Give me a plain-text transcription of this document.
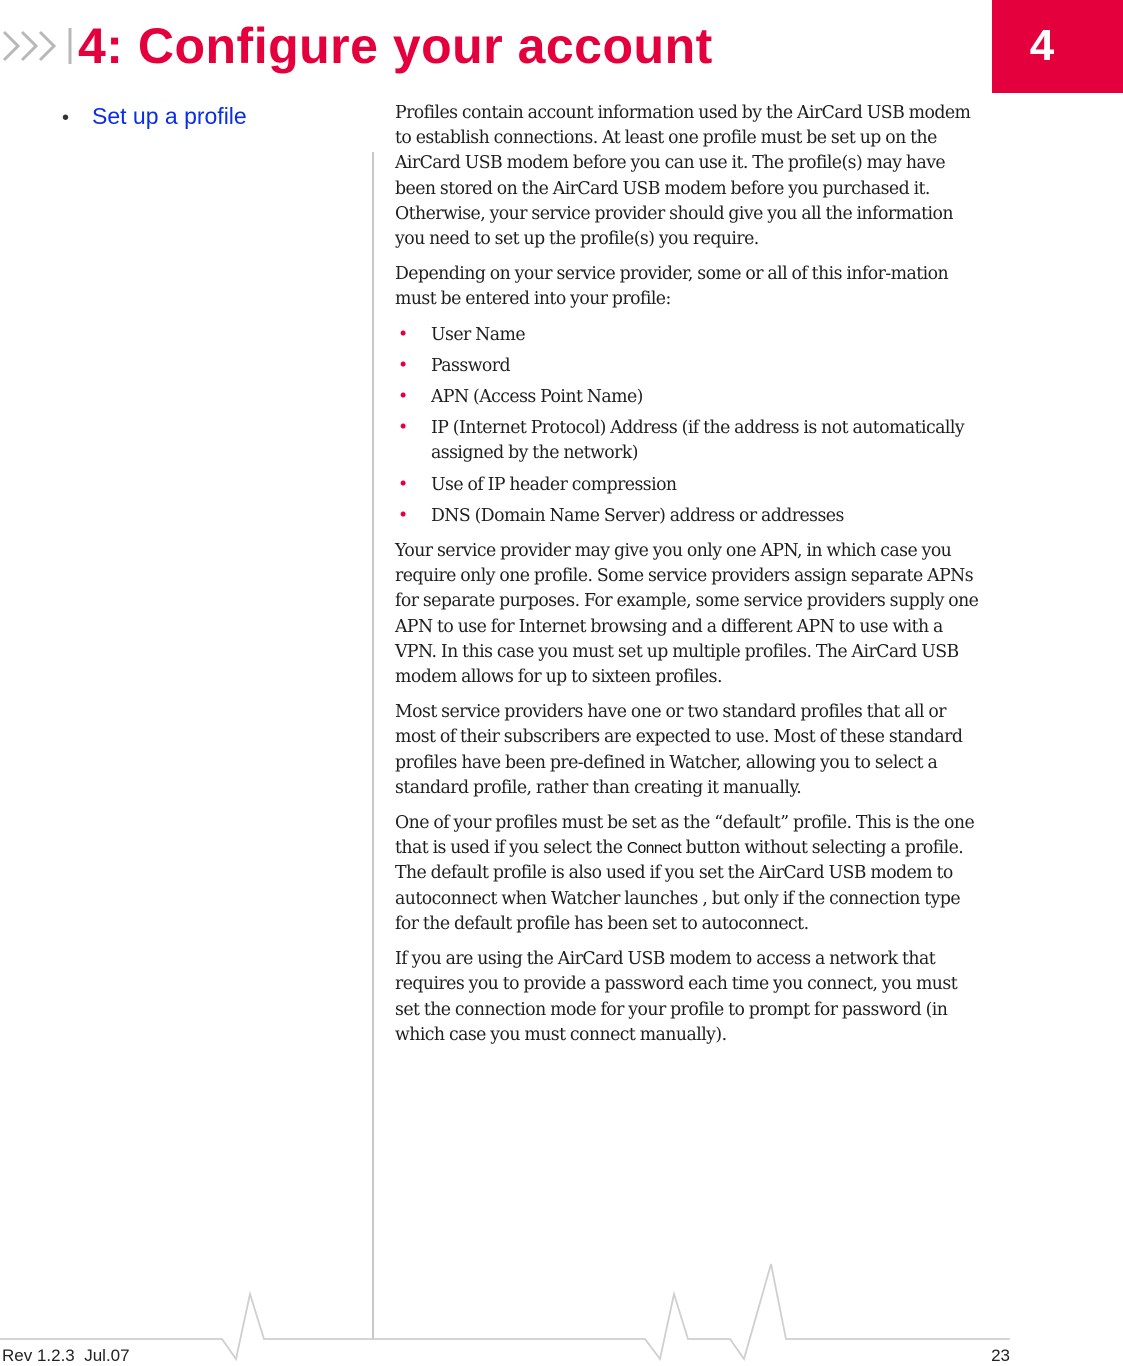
4: Configure your account	4
• Set up a profile	Profiles contain account information used by the AirCard USB modem to establish connections. At least one profile must be set up on the AirCard USB modem before you can use it. The profile(s) may have been stored on the AirCard USB modem before you purchased it. Otherwise, your service provider should give you all the information you need to set up the profile(s) you require.

Depending on your service provider, some or all of this infor-mation must be entered into your profile:

• User Name
• Password
• APN (Access Point Name)
• IP (Internet Protocol) Address (if the address is not automatically assigned by the network)
• Use of IP header compression
• DNS (Domain Name Server) address or addresses

Your service provider may give you only one APN, in which case you require only one profile. Some service providers assign separate APNs for separate purposes. For example, some service providers supply one APN to use for Internet browsing and a different APN to use with a VPN. In this case you must set up multiple profiles. The AirCard USB modem allows for up to sixteen profiles.

Most service providers have one or two standard profiles that all or most of their subscribers are expected to use. Most of these standard profiles have been pre-defined in Watcher, allowing you to select a standard profile, rather than creating it manually.

One of your profiles must be set as the “default” profile. This is the one that is used if you select the Connect button without selecting a profile. The default profile is also used if you set the AirCard USB modem to autoconnect when Watcher launches , but only if the connection type for the default profile has been set to autoconnect.

If you are using the AirCard USB modem to access a network that requires you to provide a password each time you connect, you must set the connection mode for your profile to prompt for password (in which case you must connect manually).

Rev 1.2.3  Jul.07	23
